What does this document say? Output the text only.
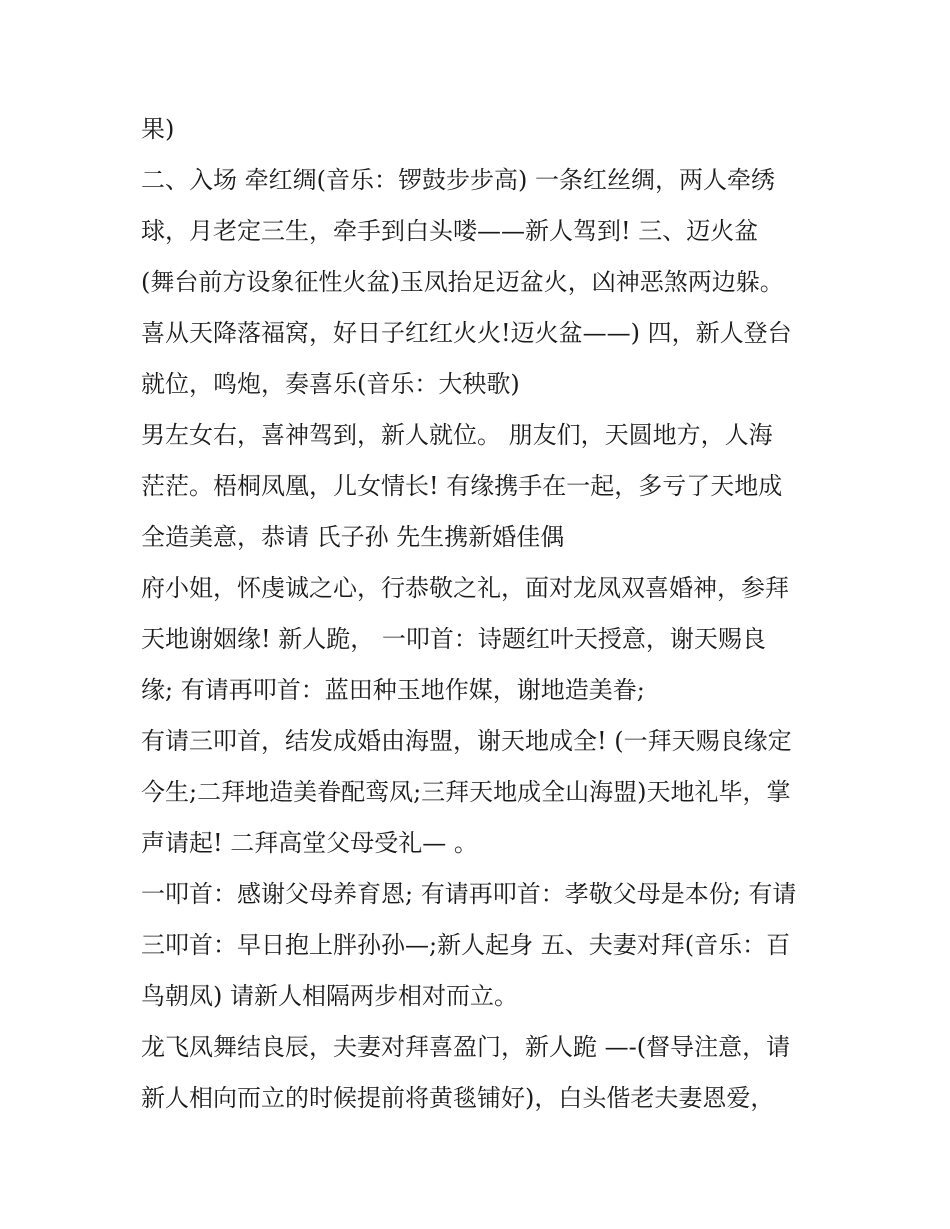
果)

二、入场 牵红绸(音乐：锣鼓步步高) 一条红丝绸，两人牵绣

球，月老定三生，牵手到白头喽——新人驾到! 三、迈火盆

(舞台前方设象征性火盆)玉凤抬足迈盆火，凶神恶煞两边躲。

喜从天降落福窝，好日子红红火火!迈火盆——) 四，新人登台

就位，鸣炮，奏喜乐(音乐：大秧歌)

男左女右，喜神驾到，新人就位。 朋友们，天圆地方，人海

茫茫。梧桐凤凰，儿女情长! 有缘携手在一起，多亏了天地成

全造美意，恭请 氏子孙 先生携新婚佳偶

府小姐，怀虔诚之心，行恭敬之礼，面对龙凤双喜婚神，参拜

天地谢姻缘! 新人跪， 一叩首：诗题红叶天授意，谢天赐良

缘; 有请再叩首：蓝田种玉地作媒，谢地造美眷;

有请三叩首，结发成婚由海盟，谢天地成全! (一拜天赐良缘定

今生;二拜地造美眷配鸾凤;三拜天地成全山海盟)天地礼毕，掌

声请起! 二拜高堂父母受礼— 。

一叩首：感谢父母养育恩; 有请再叩首：孝敬父母是本份; 有请

三叩首：早日抱上胖孙孙—;新人起身 五、夫妻对拜(音乐：百

鸟朝凤) 请新人相隔两步相对而立。

龙飞凤舞结良辰，夫妻对拜喜盈门，新人跪 —-(督导注意，请

新人相向而立的时候提前将黄毯铺好)，白头偕老夫妻恩爱，
